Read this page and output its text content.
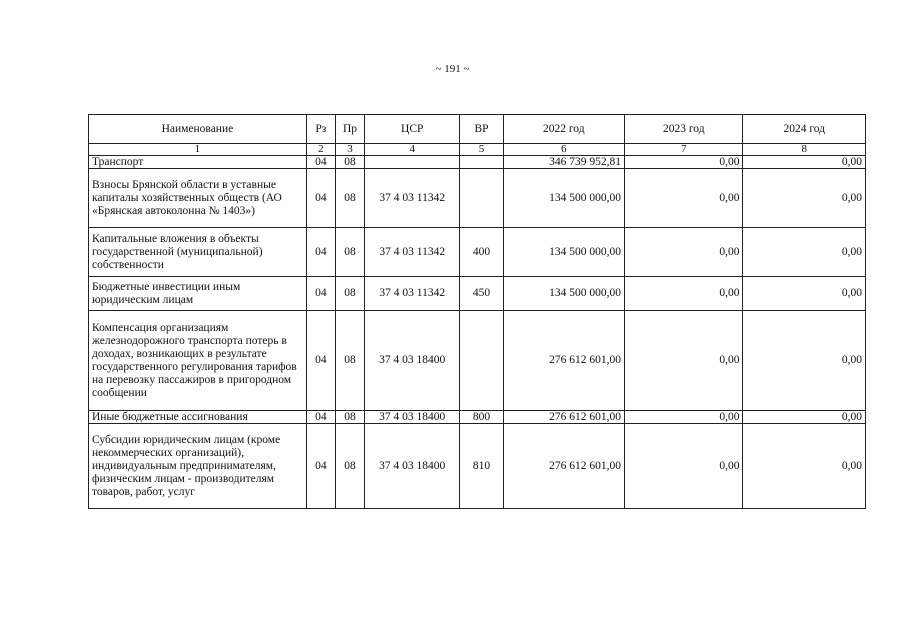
~ 191 ~
Наименование	Рз	Пр	ЦСР	ВР	2022 год	2023 год	2024 год
1	2	3	4	5	6	7	8
Транспорт	04	08			346 739 952,81	0,00	0,00
Взносы Брянской области в уставные капиталы хозяйственных обществ (АО «Брянская автоколонна № 1403»)	04	08	37 4 03 11342		134 500 000,00	0,00	0,00
Капитальные вложения в объекты государственной (муниципальной) собственности	04	08	37 4 03 11342	400	134 500 000,00	0,00	0,00
Бюджетные инвестиции иным юридическим лицам	04	08	37 4 03 11342	450	134 500 000,00	0,00	0,00
Компенсация организациям железнодорожного транспорта потерь в доходах, возникающих в результате государственного регулирования тарифов на перевозку пассажиров в пригородном сообщении	04	08	37 4 03 18400		276 612 601,00	0,00	0,00
Иные бюджетные ассигнования	04	08	37 4 03 18400	800	276 612 601,00	0,00	0,00
Субсидии юридическим лицам (кроме некоммерческих организаций), индивидуальным предпринимателям, физическим лицам - производителям товаров, работ, услуг	04	08	37 4 03 18400	810	276 612 601,00	0,00	0,00
